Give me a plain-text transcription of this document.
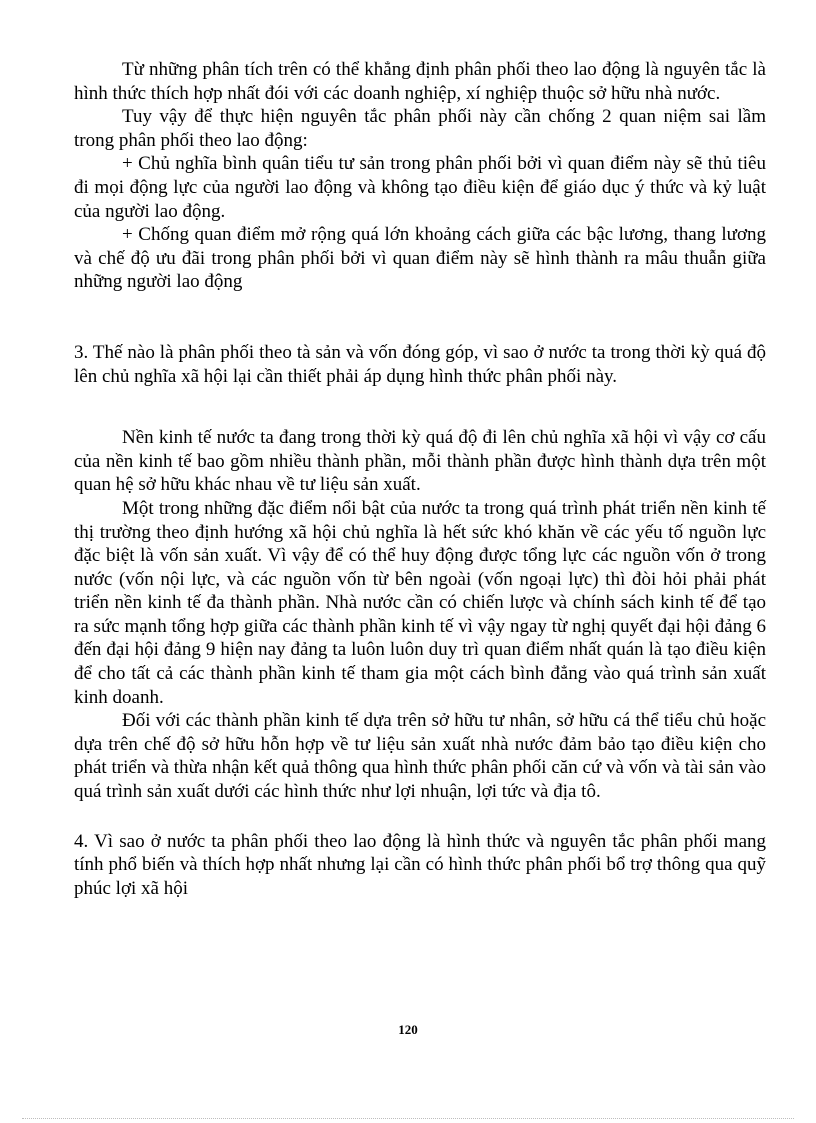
Từ những phân tích trên có thể khẳng định phân phối theo lao động là nguyên tắc là hình thức thích hợp nhất đói với các doanh nghiệp, xí nghiệp thuộc sở hữu nhà nước.

Tuy vậy để thực hiện nguyên tắc phân phối này cần chống 2 quan niệm sai lầm trong phân phối theo lao động:

+ Chủ nghĩa bình quân tiểu tư sản trong phân phối bởi vì quan điểm này sẽ thủ tiêu đi mọi động lực của người lao động và không tạo điều kiện để giáo dục ý thức và kỷ luật của người lao động.

+ Chống quan điểm mở rộng quá lớn khoảng cách giữa các bậc lương, thang lương và chế độ ưu đãi trong phân phối bởi vì quan điểm này sẽ hình thành ra mâu thuẫn giữa những người lao động

3. Thế nào là phân phối theo tà sản và vốn đóng góp, vì sao ở nước ta trong thời kỳ quá độ lên chủ nghĩa xã hội lại cần thiết phải áp dụng hình thức phân phối này.

Nền kinh tế nước ta đang trong thời kỳ quá độ đi lên chủ nghĩa xã hội vì vậy cơ cấu của nền kinh tế bao gồm nhiều thành phần, mỗi thành phần được hình thành dựa trên một quan hệ sở hữu khác nhau về tư liệu sản xuất.

Một trong những đặc điểm nổi bật của nước ta trong quá trình phát triển nền kinh tế thị trường theo định hướng xã hội chủ nghĩa là hết sức khó khăn về các yếu tố nguồn lực đặc biệt là vốn sản xuất. Vì vậy để có thể huy động được tổng lực các nguồn vốn ở trong nước (vốn nội lực, và các nguồn vốn từ bên ngoài (vốn ngoại lực) thì đòi hỏi phải phát triển nền kinh tế đa thành phần. Nhà nước cần có chiến lược và chính sách kinh tế để tạo ra sức mạnh tổng hợp giữa các thành phần kinh tế vì vậy ngay từ nghị quyết đại hội đảng 6 đến đại hội đảng 9 hiện nay đảng ta luôn luôn duy trì quan điểm nhất quán là tạo điều kiện để cho tất cả các thành phần kinh tế tham gia một cách bình đẳng vào quá trình sản xuất kinh doanh.

Đối với các thành phần kinh tế dựa trên sở hữu tư nhân, sở hữu cá thể tiểu chủ hoặc dựa trên chế độ sở hữu hỗn hợp về tư liệu sản xuất nhà nước đảm bảo tạo điều kiện cho phát triển và thừa nhận kết quả thông qua hình thức phân phối căn cứ và vốn và tài sản vào quá trình sản xuất dưới các hình thức như lợi nhuận, lợi tức và địa tô.

4. Vì sao ở nước ta phân phối theo lao động là hình thức và nguyên tắc phân phối mang tính phổ biến và thích hợp nhất nhưng lại cần có hình thức phân phối bổ trợ thông qua quỹ phúc lợi xã hội

120
